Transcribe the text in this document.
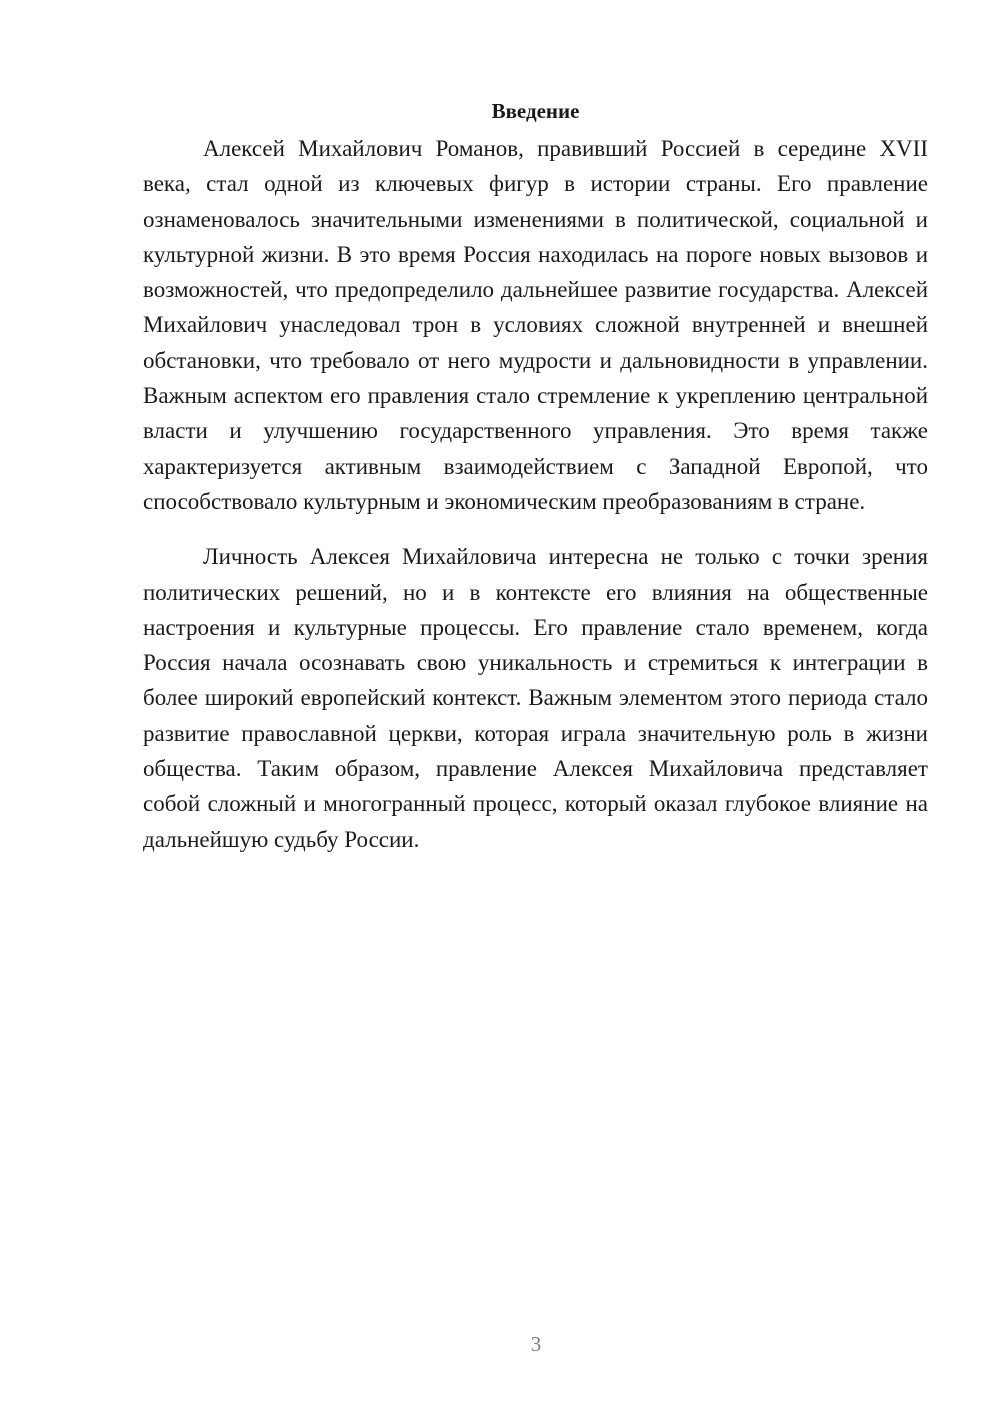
Введение

Алексей Михайлович Романов, правивший Россией в середине XVII века, стал одной из ключевых фигур в истории страны. Его правление ознаменовалось значительными изменениями в политической, социальной и культурной жизни. В это время Россия находилась на пороге новых вызовов и возможностей, что предопределило дальнейшее развитие государства. Алексей Михайлович унаследовал трон в условиях сложной внутренней и внешней обстановки, что требовало от него мудрости и дальновидности в управлении. Важным аспектом его правления стало стремление к укреплению центральной власти и улучшению государственного управления. Это время также характеризуется активным взаимодействием с Западной Европой, что способствовало культурным и экономическим преобразованиям в стране.

Личность Алексея Михайловича интересна не только с точки зрения политических решений, но и в контексте его влияния на общественные настроения и культурные процессы. Его правление стало временем, когда Россия начала осознавать свою уникальность и стремиться к интеграции в более широкий европейский контекст. Важным элементом этого периода стало развитие православной церкви, которая играла значительную роль в жизни общества. Таким образом, правление Алексея Михайловича представляет собой сложный и многогранный процесс, который оказал глубокое влияние на дальнейшую судьбу России.

3
